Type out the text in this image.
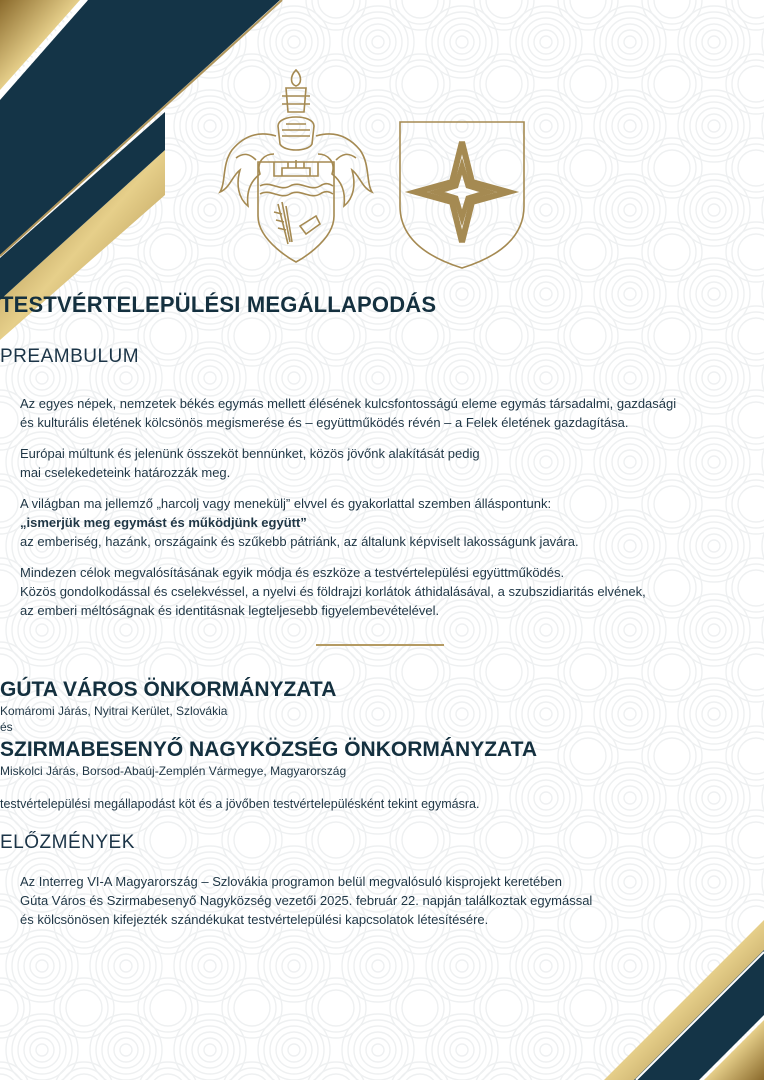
TESTVÉRTELEPÜLÉSI MEGÁLLAPODÁS
PREAMBULUM
Az egyes népek, nemzetek békés egymás mellett élésének kulcsfontosságú eleme egymás társadalmi, gazdasági
és kulturális életének kölcsönös megismerése és – együttműködés révén – a Felek életének gazdagítása.
Európai múltunk és jelenünk összeköt bennünket, közös jövőnk alakítását pedig
mai cselekedeteink határozzák meg.
A világban ma jellemző „harcolj vagy menekülj” elvvel és gyakorlattal szemben álláspontunk:
„ismerjük meg egymást és működjünk együtt”
az emberiség, hazánk, országaink és szűkebb pátriánk, az általunk képviselt lakosságunk javára.
Mindezen célok megvalósításának egyik módja és eszköze a testvértelepülési együttműködés.
Közös gondolkodással és cselekvéssel, a nyelvi és földrajzi korlátok áthidalásával, a szubszidiaritás elvének,
az emberi méltóságnak és identitásnak legteljesebb figyelembevételével.
GÚTA VÁROS ÖNKORMÁNYZATA
Komáromi Járás, Nyitrai Kerület, Szlovákia
és
SZIRMABESENYŐ NAGYKÖZSÉG ÖNKORMÁNYZATA
Miskolci Járás, Borsod-Abaúj-Zemplén Vármegye, Magyarország
testvértelepülési megállapodást köt és a jövőben testvértelepülésként tekint egymásra.
ELŐZMÉNYEK
Az Interreg VI-A Magyarország – Szlovákia programon belül megvalósuló kisprojekt keretében
Gúta Város és Szirmabesenyő Nagyközség vezetői 2025. február 22. napján találkoztak egymással
és kölcsönösen kifejezték szándékukat testvértelepülési kapcsolatok létesítésére.
